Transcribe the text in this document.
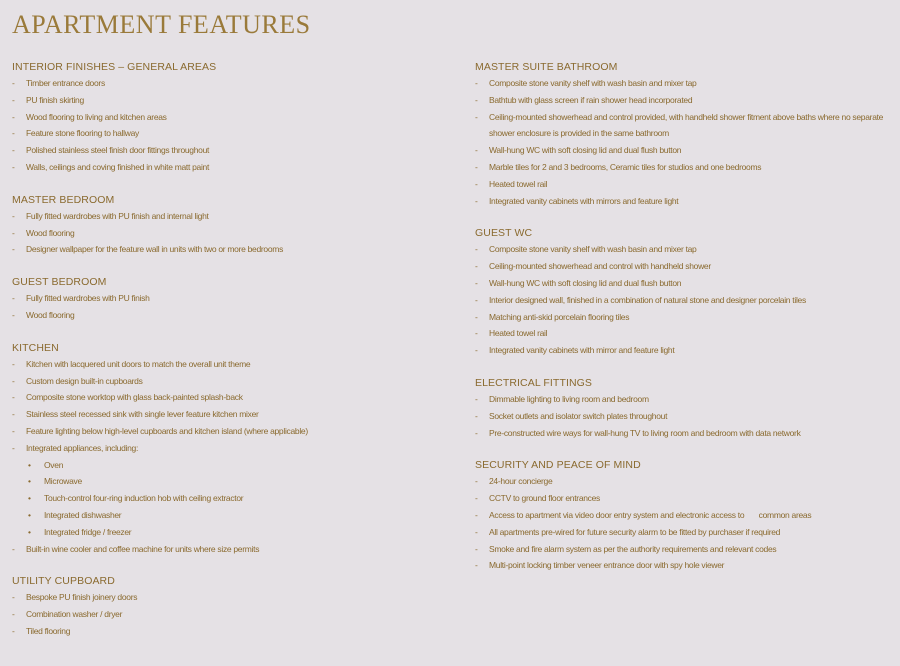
APARTMENT FEATURES
INTERIOR FINISHES – GENERAL AREAS
- Timber entrance doors
- PU finish skirting
- Wood flooring to living and kitchen areas
- Feature stone flooring to hallway
- Polished stainless steel finish door fittings throughout
- Walls, ceilings and coving finished in white matt paint
MASTER BEDROOM
- Fully fitted wardrobes with PU finish and internal light
- Wood flooring
- Designer wallpaper for the feature wall in units with two or more bedrooms
GUEST BEDROOM
- Fully fitted wardrobes with PU finish
- Wood flooring
KITCHEN
- Kitchen with lacquered unit doors to match the overall unit theme
- Custom design built-in cupboards
- Composite stone worktop with glass back-painted splash-back
- Stainless steel recessed sink with single lever feature kitchen mixer
- Feature lighting below high-level cupboards and kitchen island (where applicable)
- Integrated appliances, including:
• Oven
• Microwave
• Touch-control four-ring induction hob with ceiling extractor
• Integrated dishwasher
• Integrated fridge / freezer
- Built-in wine cooler and coffee machine for units where size permits
UTILITY CUPBOARD
- Bespoke PU finish joinery doors
- Combination washer / dryer
- Tiled flooring
MASTER SUITE BATHROOM
- Composite stone vanity shelf with wash basin and mixer tap
- Bathtub with glass screen if rain shower head incorporated
- Ceiling-mounted showerhead and control provided, with handheld shower fitment above baths where no separate shower enclosure is provided in the same bathroom
- Wall-hung WC with soft closing lid and dual flush button
- Marble tiles for 2 and 3 bedrooms, Ceramic tiles for studios and one bedrooms
- Heated towel rail
- Integrated vanity cabinets with mirrors and feature light
GUEST WC
- Composite stone vanity shelf with wash basin and mixer tap
- Ceiling-mounted showerhead and control with handheld shower
- Wall-hung WC with soft closing lid and dual flush button
- Interior designed wall, finished in a combination of natural stone and designer porcelain tiles
- Matching anti-skid porcelain flooring tiles
- Heated towel rail
- Integrated vanity cabinets with mirror and feature light
ELECTRICAL FITTINGS
- Dimmable lighting to living room and bedroom
- Socket outlets and isolator switch plates throughout
- Pre-constructed wire ways for wall-hung TV to living room and bedroom with data network
SECURITY AND PEACE OF MIND
- 24-hour concierge
- CCTV to ground floor entrances
- Access to apartment via video door entry system and electronic access to       common areas
- All apartments pre-wired for future security alarm to be fitted by purchaser if required
- Smoke and fire alarm system as per the authority requirements and relevant codes
- Multi-point locking timber veneer entrance door with spy hole viewer
